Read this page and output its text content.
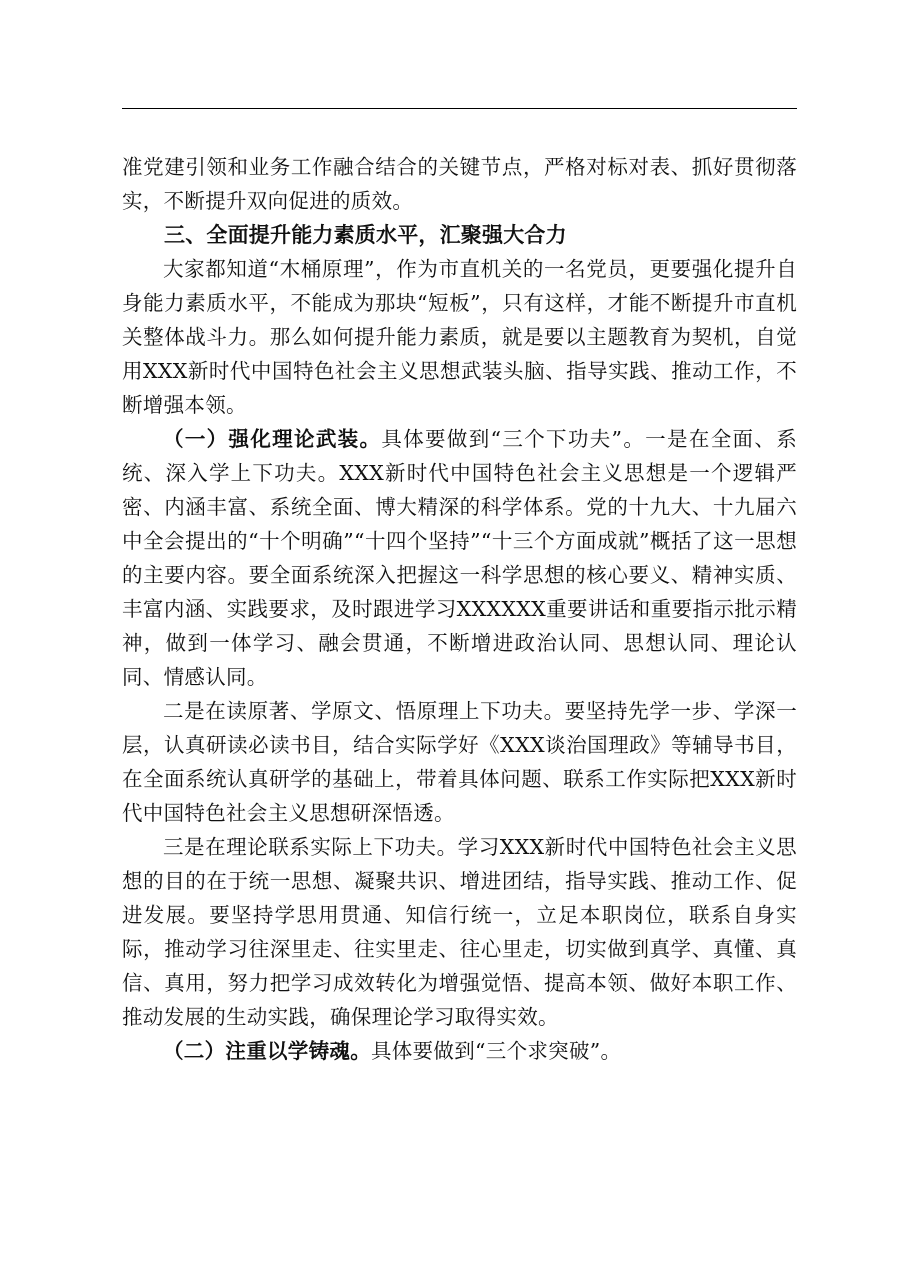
准党建引领和业务工作融合结合的关键节点，严格对标对表、抓好贯彻落实，不断提升双向促进的质效。

三、全面提升能力素质水平，汇聚强大合力

大家都知道“木桶原理”，作为市直机关的一名党员，更要强化提升自身能力素质水平，不能成为那块“短板”，只有这样，才能不断提升市直机关整体战斗力。那么如何提升能力素质，就是要以主题教育为契机，自觉用XXX新时代中国特色社会主义思想武装头脑、指导实践、推动工作，不断增强本领。

（一）强化理论武装。具体要做到“三个下功夫”。一是在全面、系统、深入学上下功夫。XXX新时代中国特色社会主义思想是一个逻辑严密、内涵丰富、系统全面、博大精深的科学体系。党的十九大、十九届六中全会提出的“十个明确”“十四个坚持”“十三个方面成就”概括了这一思想的主要内容。要全面系统深入把握这一科学思想的核心要义、精神实质、丰富内涵、实践要求，及时跟进学习XXXXXX重要讲话和重要指示批示精神，做到一体学习、融会贯通，不断增进政治认同、思想认同、理论认同、情感认同。

二是在读原著、学原文、悟原理上下功夫。要坚持先学一步、学深一层，认真研读必读书目，结合实际学好《XXX谈治国理政》等辅导书目，在全面系统认真研学的基础上，带着具体问题、联系工作实际把XXX新时代中国特色社会主义思想研深悟透。

三是在理论联系实际上下功夫。学习XXX新时代中国特色社会主义思想的目的在于统一思想、凝聚共识、增进团结，指导实践、推动工作、促进发展。要坚持学思用贯通、知信行统一，立足本职岗位，联系自身实际，推动学习往深里走、往实里走、往心里走，切实做到真学、真懂、真信、真用，努力把学习成效转化为增强觉悟、提高本领、做好本职工作、推动发展的生动实践，确保理论学习取得实效。

（二）注重以学铸魂。具体要做到“三个求突破”。
